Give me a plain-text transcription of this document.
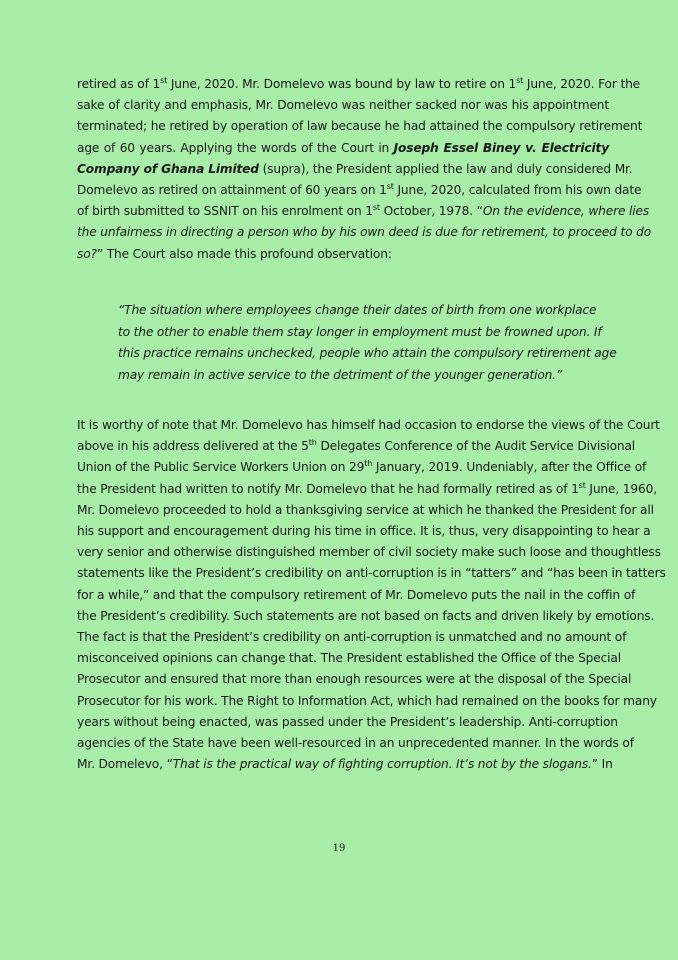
retired as of 1st June, 2020. Mr. Domelevo was bound by law to retire on 1st June, 2020. For the
sake of clarity and emphasis, Mr. Domelevo was neither sacked nor was his appointment
terminated; he retired by operation of law because he had attained the compulsory retirement
age of 60 years. Applying the words of the Court in Joseph Essel Biney v. Electricity
Company of Ghana Limited (supra), the President applied the law and duly considered Mr.
Domelevo as retired on attainment of 60 years on 1st June, 2020, calculated from his own date
of birth submitted to SSNIT on his enrolment on 1st October, 1978. “On the evidence, where lies
the unfairness in directing a person who by his own deed is due for retirement, to proceed to do
so?” The Court also made this profound observation:
“The situation where employees change their dates of birth from one workplace
to the other to enable them stay longer in employment must be frowned upon. If
this practice remains unchecked, people who attain the compulsory retirement age
may remain in active service to the detriment of the younger generation.”
It is worthy of note that Mr. Domelevo has himself had occasion to endorse the views of the Court
above in his address delivered at the 5th Delegates Conference of the Audit Service Divisional
Union of the Public Service Workers Union on 29th January, 2019. Undeniably, after the Office of
the President had written to notify Mr. Domelevo that he had formally retired as of 1st June, 1960,
Mr. Domelevo proceeded to hold a thanksgiving service at which he thanked the President for all
his support and encouragement during his time in office. It is, thus, very disappointing to hear a
very senior and otherwise distinguished member of civil society make such loose and thoughtless
statements like the President’s credibility on anti-corruption is in “tatters” and “has been in tatters
for a while,” and that the compulsory retirement of Mr. Domelevo puts the nail in the coffin of
the President’s credibility. Such statements are not based on facts and driven likely by emotions.
The fact is that the President’s credibility on anti-corruption is unmatched and no amount of
misconceived opinions can change that. The President established the Office of the Special
Prosecutor and ensured that more than enough resources were at the disposal of the Special
Prosecutor for his work. The Right to Information Act, which had remained on the books for many
years without being enacted, was passed under the President’s leadership. Anti-corruption
agencies of the State have been well-resourced in an unprecedented manner. In the words of
Mr. Domelevo, “That is the practical way of fighting corruption. It’s not by the slogans.” In
19
